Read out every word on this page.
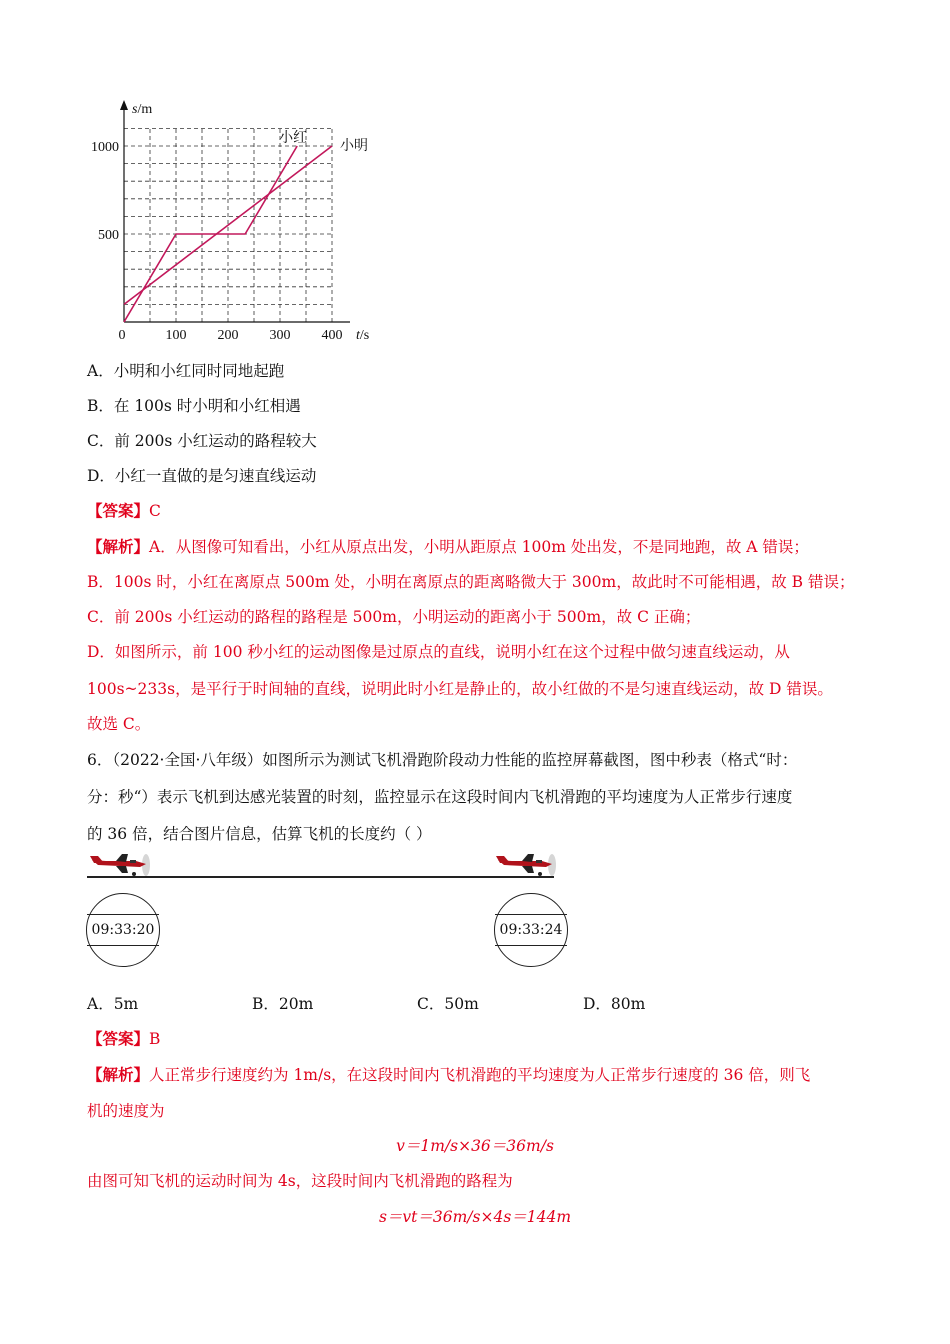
0	100 200 300 400
500
1000
s/m
t/s
小红 小明
A．小明和小红同时同地起跑
B．在 100s 时小明和小红相遇
C．前 200s 小红运动的路程较大
D．小红一直做的是匀速直线运动
【答案】C
【解析】A．从图像可知看出，小红从原点出发，小明从距原点 100m 处出发，不是同地跑，故 A 错误；
B．100s 时，小红在离原点 500m 处，小明在离原点的距离略微大于 300m，故此时不可能相遇，故 B 错误；
C．前 200s 小红运动的路程的路程是 500m，小明运动的距离小于 500m，故 C 正确；
D．如图所示，前 100 秒小红的运动图像是过原点的直线，说明小红在这个过程中做匀速直线运动，从
100s~233s，是平行于时间轴的直线，说明此时小红是静止的，故小红做的不是匀速直线运动，故 D 错误。
故选 C。
6．（2022·全国·八年级）如图所示为测试飞机滑跑阶段动力性能的监控屏幕截图，图中秒表（格式“时：
分：秒“）表示飞机到达感光装置的时刻，监控显示在这段时间内飞机滑跑的平均速度为人正常步行速度
的 36 倍，结合图片信息，估算飞机的长度约（ ）
09:33:20	09:33:24
A．5m	B．20m	C．50m	D．80m
【答案】B
【解析】人正常步行速度约为 1m/s，在这段时间内飞机滑跑的平均速度为人正常步行速度的 36 倍，则飞
机的速度为
v＝1m/s×36＝36m/s
由图可知飞机的运动时间为 4s，这段时间内飞机滑跑的路程为
s＝vt＝36m/s×4s＝144m
